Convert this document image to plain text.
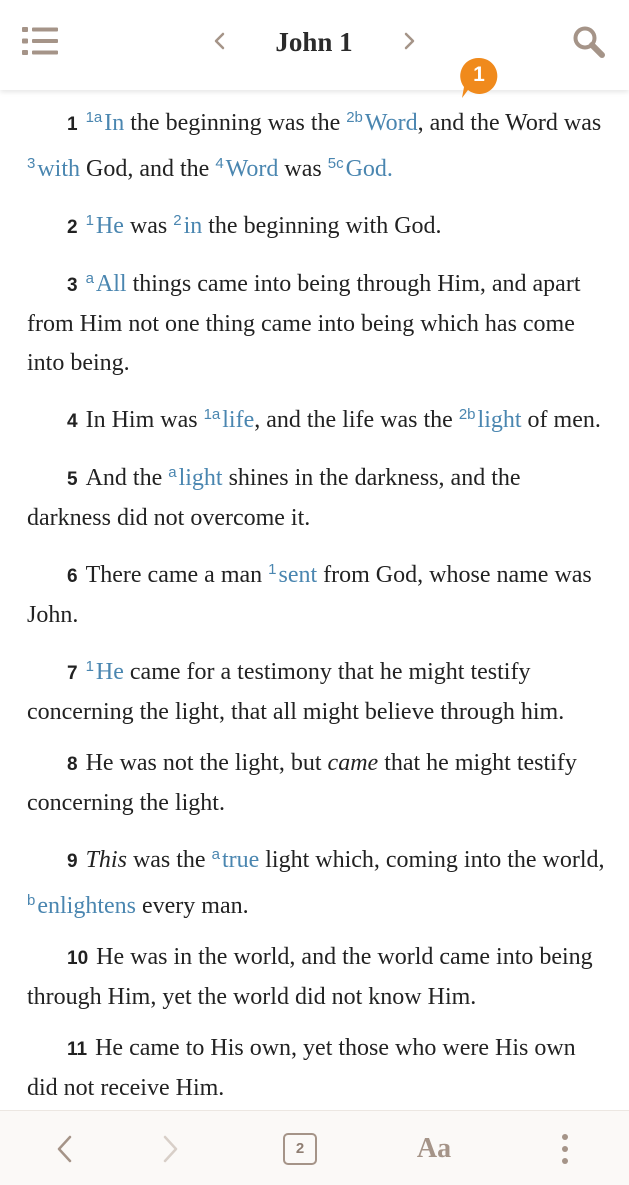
John 1
1

1 $^{1a}$In the beginning was the $^{2b}$Word, and the Word was $^3$with God, and the $^4$Word was $^{5c}$God.

2 $^1$He was $^2$in the beginning with God.

3 $^a$All things came into being through Him, and apart from Him not one thing came into being which has come into being.

4 In Him was $^{1a}$life, and the life was the $^{2b}$light of men.

5 And the $^a$light shines in the darkness, and the darkness did not overcome it.

6 There came a man $^1$sent from God, whose name was John.

7 $^1$He came for a testimony that he might testify concerning the light, that all might believe through him.

8 He was not the light, but came that he might testify concerning the light.

9 This was the $^a$true light which, coming into the world, $^b$enlightens every man.

10 He was in the world, and the world came into being through Him, yet the world did not know Him.

11 He came to His own, yet those who were His own did not receive Him.

2	Aa
